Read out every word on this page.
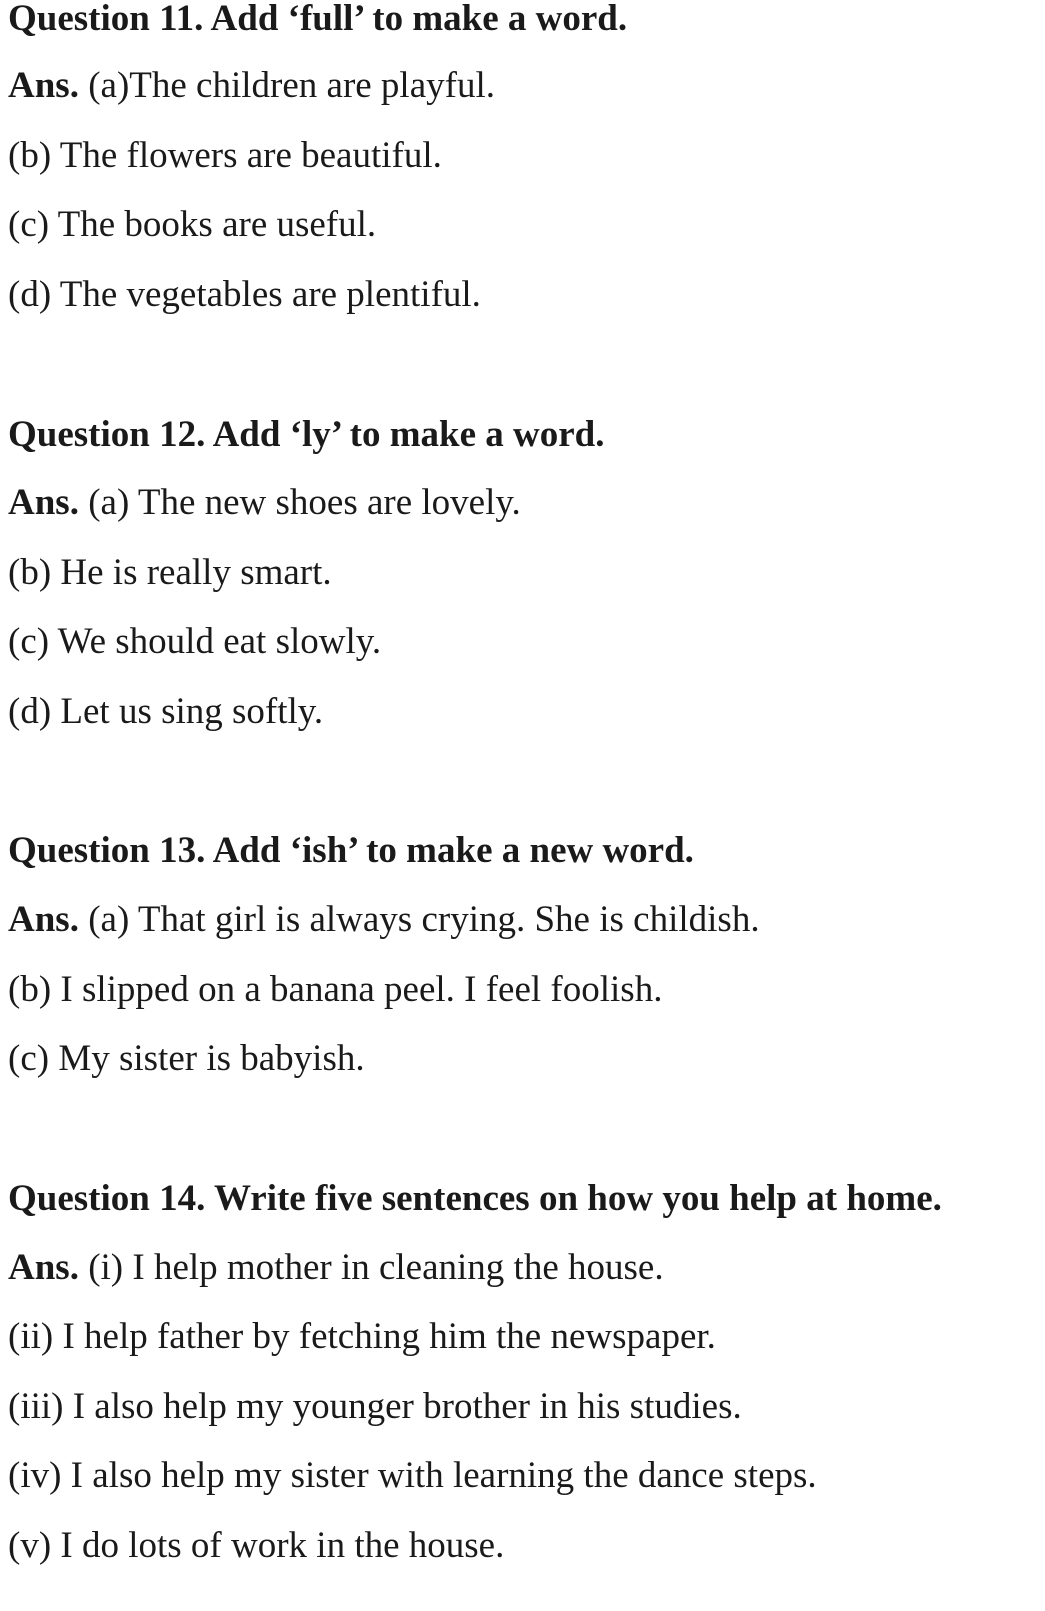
Question 11. Add ‘full’ to make a word.
Ans. (a)The children are playful.
(b) The flowers are beautiful.
(c) The books are useful.
(d) The vegetables are plentiful.
Question 12. Add ‘ly’ to make a word.
Ans. (a) The new shoes are lovely.
(b) He is really smart.
(c) We should eat slowly.
(d) Let us sing softly.
Question 13. Add ‘ish’ to make a new word.
Ans. (a) That girl is always crying. She is childish.
(b) I slipped on a banana peel. I feel foolish.
(c) My sister is babyish.
Question 14. Write five sentences on how you help at home.
Ans. (i) I help mother in cleaning the house.
(ii) I help father by fetching him the newspaper.
(iii) I also help my younger brother in his studies.
(iv) I also help my sister with learning the dance steps.
(v) I do lots of work in the house.
